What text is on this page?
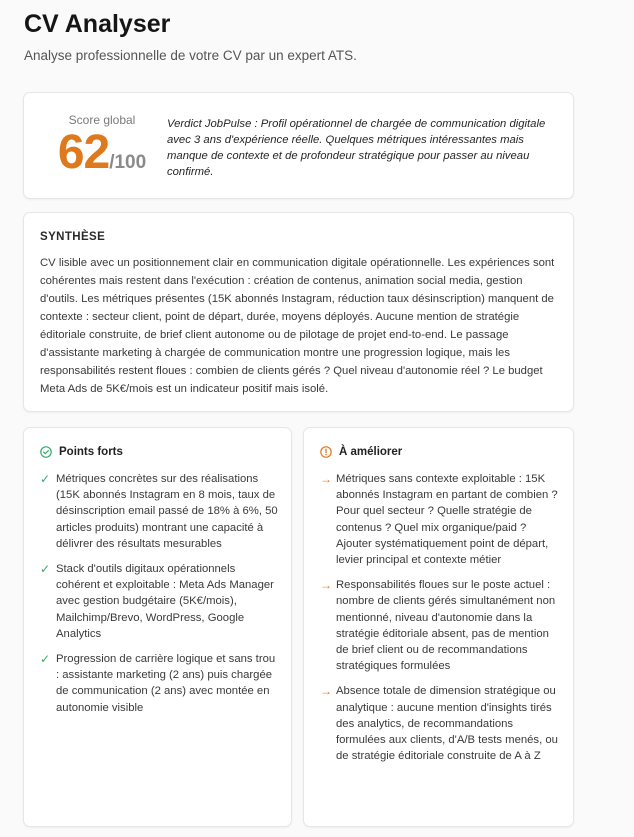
CV Analyser
Analyse professionnelle de votre CV par un expert ATS.
Score global
62/100
Verdict JobPulse : Profil opérationnel de chargée de communication digitale avec 3 ans d'expérience réelle. Quelques métriques intéressantes mais manque de contexte et de profondeur stratégique pour passer au niveau confirmé.
SYNTHÈSE
CV lisible avec un positionnement clair en communication digitale opérationnelle. Les expériences sont cohérentes mais restent dans l'exécution : création de contenus, animation social media, gestion d'outils. Les métriques présentes (15K abonnés Instagram, réduction taux désinscription) manquent de contexte : secteur client, point de départ, durée, moyens déployés. Aucune mention de stratégie éditoriale construite, de brief client autonome ou de pilotage de projet end-to-end. Le passage d'assistante marketing à chargée de communication montre une progression logique, mais les responsabilités restent floues : combien de clients gérés ? Quel niveau d'autonomie réel ? Le budget Meta Ads de 5K€/mois est un indicateur positif mais isolé.
Points forts
✓ Métriques concrètes sur des réalisations (15K abonnés Instagram en 8 mois, taux de désinscription email passé de 18% à 6%, 50 articles produits) montrant une capacité à délivrer des résultats mesurables
✓ Stack d'outils digitaux opérationnels cohérent et exploitable : Meta Ads Manager avec gestion budgétaire (5K€/mois), Mailchimp/Brevo, WordPress, Google Analytics
✓ Progression de carrière logique et sans trou : assistante marketing (2 ans) puis chargée de communication (2 ans) avec montée en autonomie visible
À améliorer
→ Métriques sans contexte exploitable : 15K abonnés Instagram en partant de combien ? Pour quel secteur ? Quelle stratégie de contenus ? Quel mix organique/paid ? Ajouter systématiquement point de départ, levier principal et contexte métier
→ Responsabilités floues sur le poste actuel : nombre de clients gérés simultanément non mentionné, niveau d'autonomie dans la stratégie éditoriale absent, pas de mention de brief client ou de recommandations stratégiques formulées
→ Absence totale de dimension stratégique ou analytique : aucune mention d'insights tirés des analytics, de recommandations formulées aux clients, d'A/B tests menés, ou de stratégie éditoriale construite de A à Z
